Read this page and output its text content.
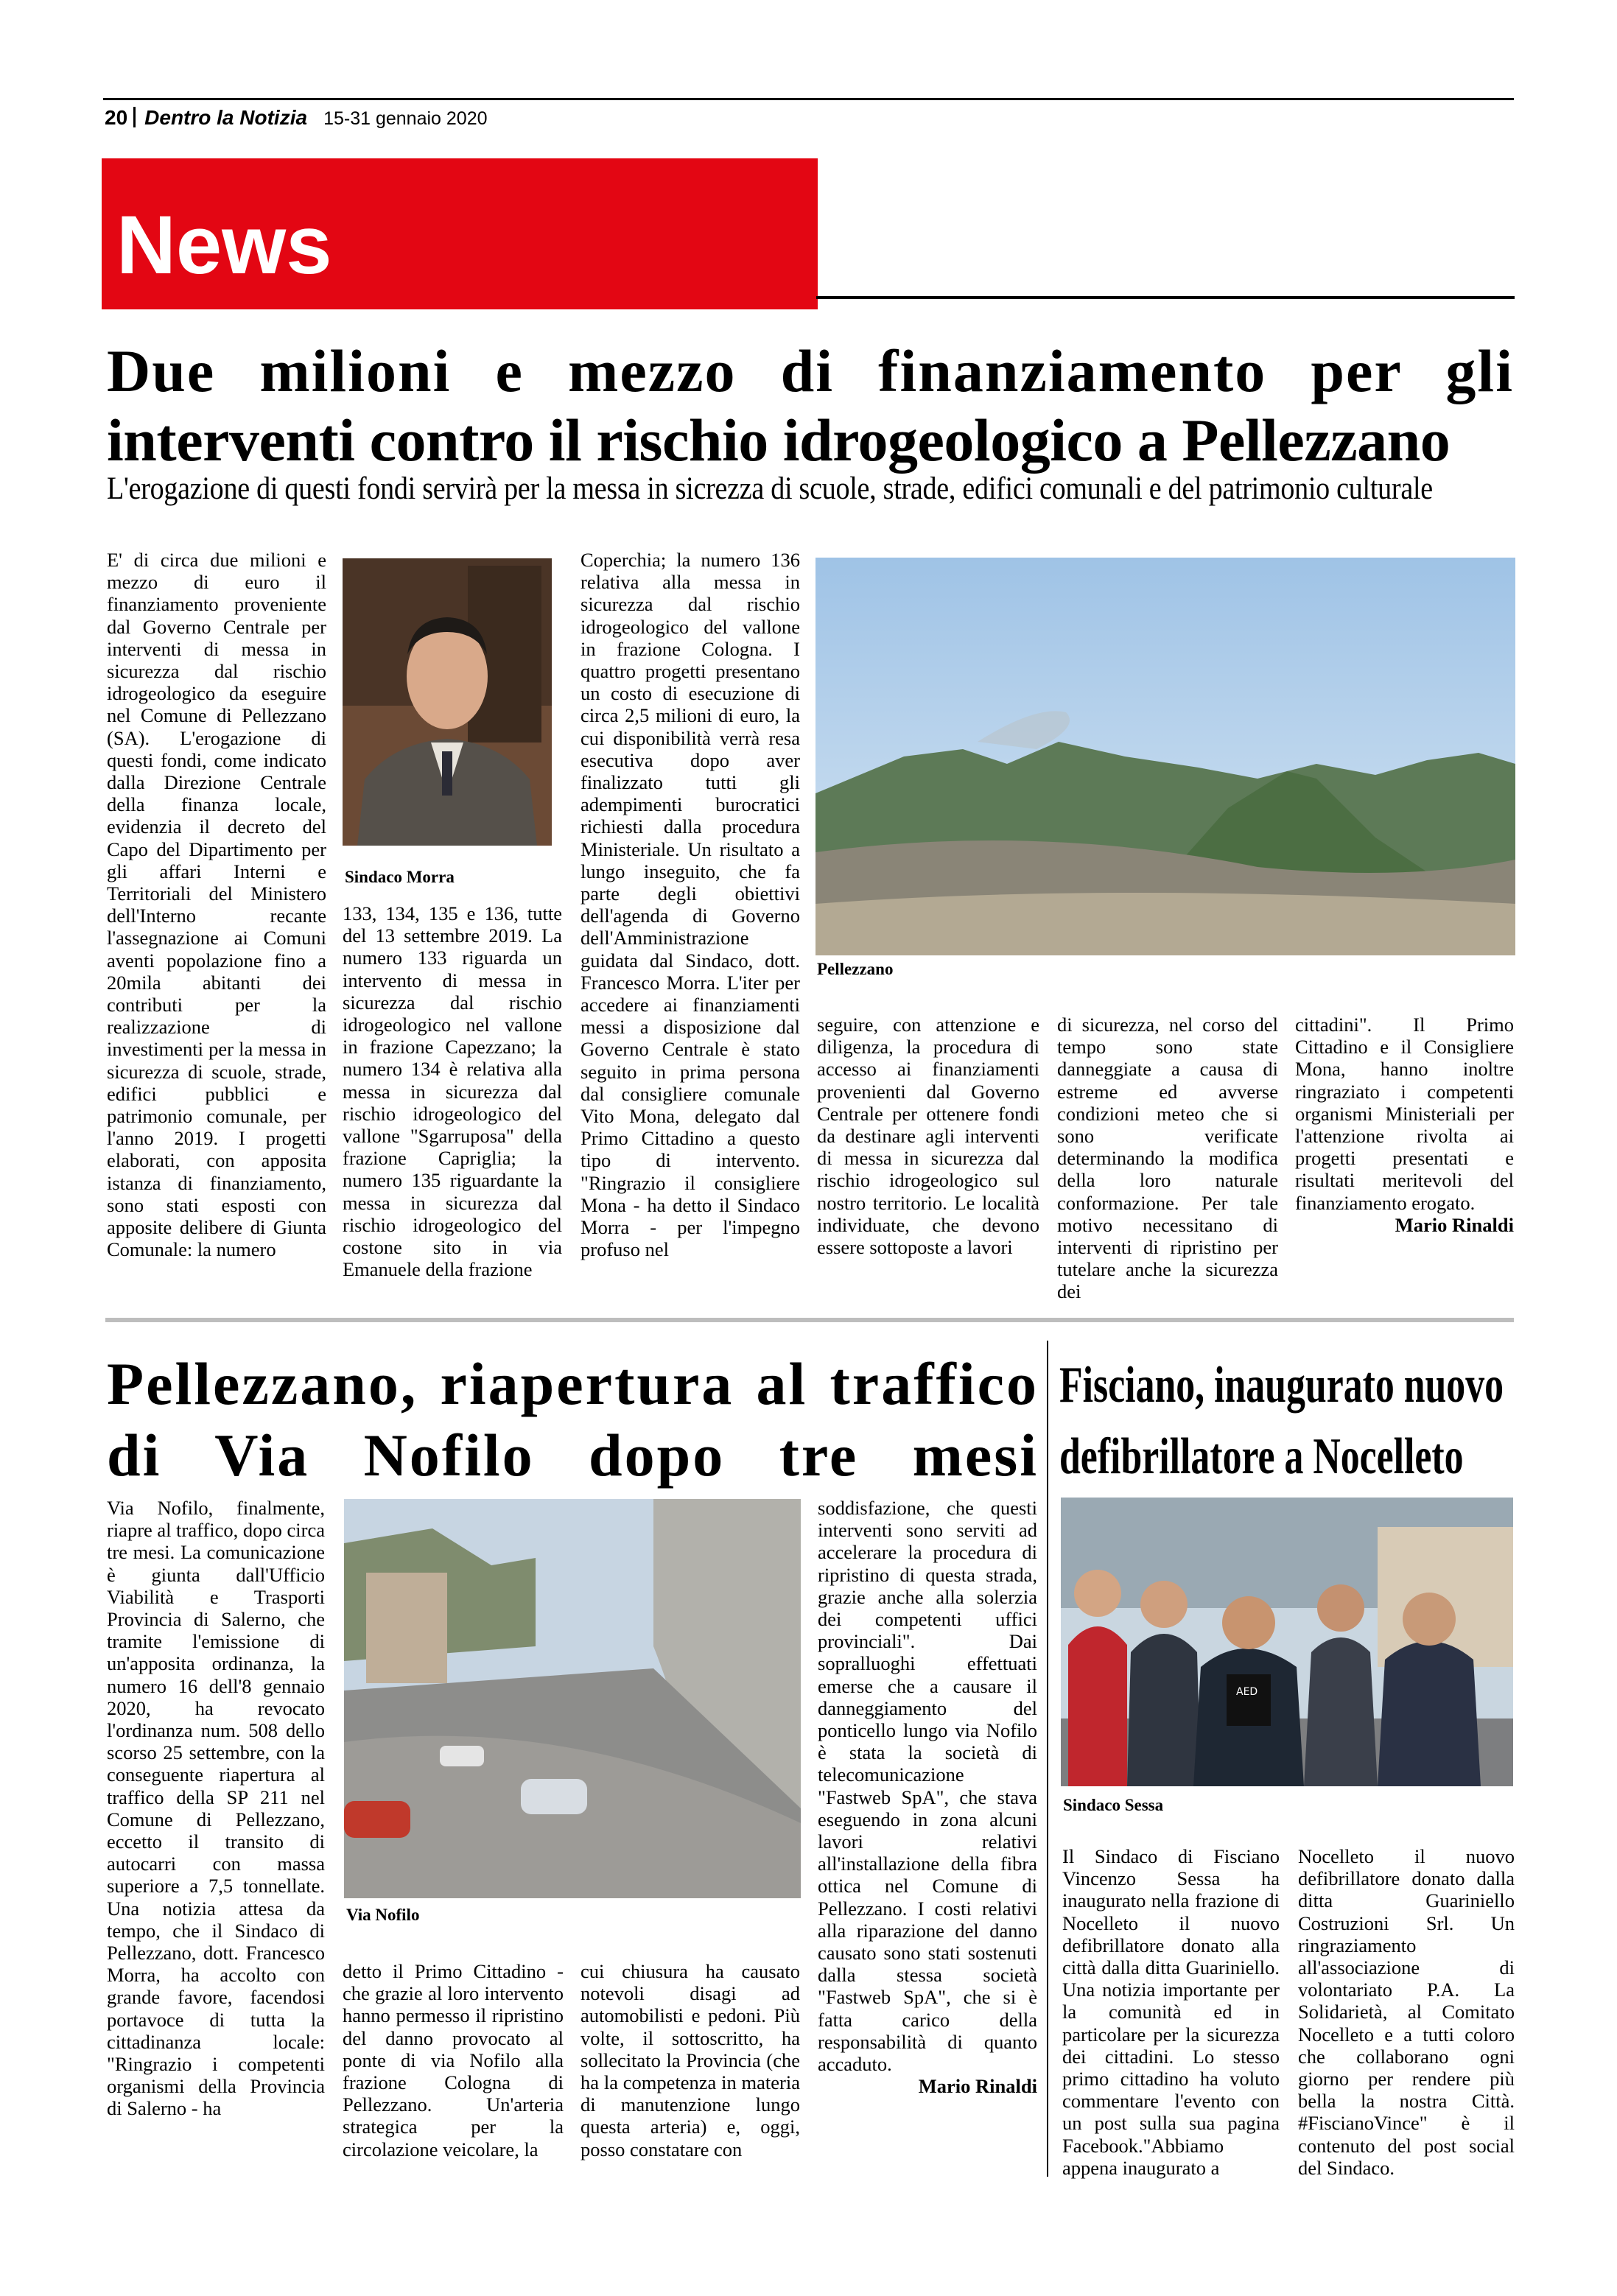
20 Dentro la Notizia 15-31 gennaio 2020
News
Due milioni e mezzo di finanziamento per gli
interventi contro il rischio idrogeologico a Pellezzano
L'erogazione di questi fondi servirà per la messa in sicrezza di scuole, strade, edifici comunali e del patrimonio culturale

E' di circa due milioni e mezzo di euro il finanziamento proveniente dal Governo Centrale per interventi di messa in sicurezza dal rischio idrogeologico da eseguire nel Comune di Pellezzano (SA). L'erogazione di questi fondi, come indicato dalla Direzione Centrale della finanza locale, evidenzia il decreto del Capo del Dipartimento per gli affari Interni e Territoriali del Ministero dell'Interno recante l'assegnazione ai Comuni aventi popolazione fino a 20mila abitanti dei contributi per la realizzazione di investimenti per la messa in sicurezza di scuole, strade, edifici pubblici e patrimonio comunale, per l'anno 2019. I progetti elaborati, con apposita istanza di finanziamento, sono stati esposti con apposite delibere di Giunta Comunale: la numero

Sindaco Morra

133, 134, 135 e 136, tutte del 13 settembre 2019. La numero 133 riguarda un intervento di messa in sicurezza dal rischio idrogeologico nel vallone in frazione Capezzano; la numero 134 è relativa alla messa in sicurezza dal rischio idrogeologico del vallone "Sgarruposa" della frazione Capriglia; la numero 135 riguardante la messa in sicurezza dal rischio idrogeologico del costone sito in via Emanuele della frazione

Coperchia; la numero 136 relativa alla messa in sicurezza dal rischio idrogeologico del vallone in frazione Cologna. I quattro progetti presentano un costo di esecuzione di circa 2,5 milioni di euro, la cui disponibilità verrà resa esecutiva dopo aver finalizzato tutti gli adempimenti burocratici richiesti dalla procedura Ministeriale. Un risultato a lungo inseguito, che fa parte degli obiettivi dell'agenda di Governo dell'Amministrazione guidata dal Sindaco, dott. Francesco Morra. L'iter per accedere ai finanziamenti messi a disposizione dal Governo Centrale è stato seguito in prima persona dal consigliere comunale Vito Mona, delegato dal Primo Cittadino a questo tipo di intervento. "Ringrazio il consigliere Mona - ha detto il Sindaco Morra - per l'impegno profuso nel

Pellezzano

seguire, con attenzione e diligenza, la procedura di accesso ai finanziamenti provenienti dal Governo Centrale per ottenere fondi da destinare agli interventi di messa in sicurezza dal rischio idrogeologico sul nostro territorio. Le località individuate, che devono essere sottoposte a lavori

di sicurezza, nel corso del tempo sono state danneggiate a causa di estreme ed avverse condizioni meteo che si sono verificate determinando la modifica della loro naturale conformazione. Per tale motivo necessitano di interventi di ripristino per tutelare anche la sicurezza dei

cittadini". Il Primo Cittadino e il Consigliere Mona, hanno inoltre ringraziato i competenti organismi Ministeriali per l'attenzione rivolta ai progetti presentati e risultati meritevoli del finanziamento erogato.

Mario Rinaldi
Pellezzano, riapertura al traffico
di Via Nofilo dopo tre mesi

Via Nofilo, finalmente, riapre al traffico, dopo circa tre mesi. La comunicazione è giunta dall'Ufficio Viabilità e Trasporti Provincia di Salerno, che tramite l'emissione di un'apposita ordinanza, la numero 16 dell'8 gennaio 2020, ha revocato l'ordinanza num. 508 dello scorso 25 settembre, con la conseguente riapertura al traffico della SP 211 nel Comune di Pellezzano, eccetto il transito di autocarri con massa superiore a 7,5 tonnellate. Una notizia attesa da tempo, che il Sindaco di Pellezzano, dott. Francesco Morra, ha accolto con grande favore, facendosi portavoce di tutta la cittadinanza locale: "Ringrazio i competenti organismi della Provincia di Salerno - ha

Via Nofilo

detto il Primo Cittadino - che grazie al loro intervento hanno permesso il ripristino del danno provocato al ponte di via Nofilo alla frazione Cologna di Pellezzano. Un'arteria strategica per la circolazione veicolare, la

cui chiusura ha causato notevoli disagi ad automobilisti e pedoni. Più volte, il sottoscritto, ha sollecitato la Provincia (che ha la competenza in materia di manutenzione lungo questa arteria) e, oggi, posso constatare con

soddisfazione, che questi interventi sono serviti ad accelerare la procedura di ripristino di questa strada, grazie anche alla solerzia dei competenti uffici provinciali". Dai sopralluoghi effettuati emerse che a causare il danneggiamento del ponticello lungo via Nofilo è stata la società di telecomunicazione "Fastweb SpA", che stava eseguendo in zona alcuni lavori relativi all'installazione della fibra ottica nel Comune di Pellezzano. I costi relativi alla riparazione del danno causato sono stati sostenuti dalla stessa società "Fastweb SpA", che si è fatta carico della responsabilità di quanto accaduto.

Mario Rinaldi
Fisciano, inaugurato nuovo
defibrillatore a Nocelleto
AED
Sindaco Sessa

Il Sindaco di Fisciano Vincenzo Sessa ha inaugurato nella frazione di Nocelleto il nuovo defibrillatore donato alla città dalla ditta Guariniello. Una notizia importante per la comunità ed in particolare per la sicurezza dei cittadini. Lo stesso primo cittadino ha voluto commentare l'evento con un post sulla sua pagina Facebook."Abbiamo appena inaugurato a

Nocelleto il nuovo defibrillatore donato dalla ditta Guariniello Costruzioni Srl. Un ringraziamento all'associazione di volontariato P.A. La Solidarietà, al Comitato Nocelleto e a tutti coloro che collaborano ogni giorno per rendere più bella la nostra Città. #FiscianoVince" è il contenuto del post social del Sindaco.
